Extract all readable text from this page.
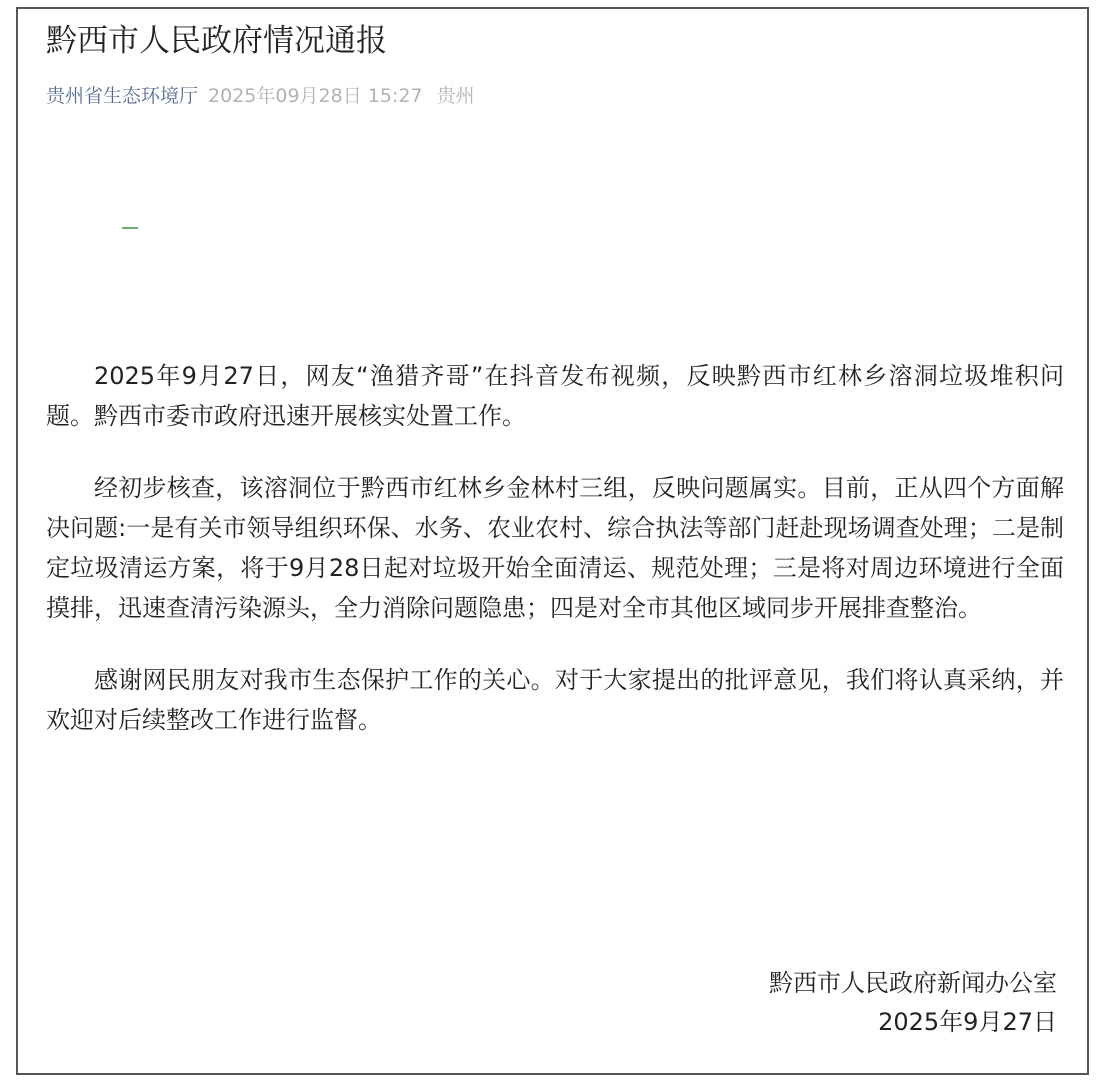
黔西市人民政府情况通报
贵州省生态环境厅 2025年09月28日 15:27 贵州

2025年9月27日，网友“渔猎齐哥”在抖音发布视频，反映黔西市红林乡溶洞垃圾堆积问题。黔西市委市政府迅速开展核实处置工作。

经初步核查，该溶洞位于黔西市红林乡金林村三组，反映问题属实。目前，正从四个方面解决问题:一是有关市领导组织环保、水务、农业农村、综合执法等部门赶赴现场调查处理；二是制定垃圾清运方案，将于9月28日起对垃圾开始全面清运、规范处理；三是将对周边环境进行全面摸排，迅速查清污染源头，全力消除问题隐患；四是对全市其他区域同步开展排查整治。

感谢网民朋友对我市生态保护工作的关心。对于大家提出的批评意见，我们将认真采纳，并欢迎对后续整改工作进行监督。

黔西市人民政府新闻办公室
2025年9月27日
